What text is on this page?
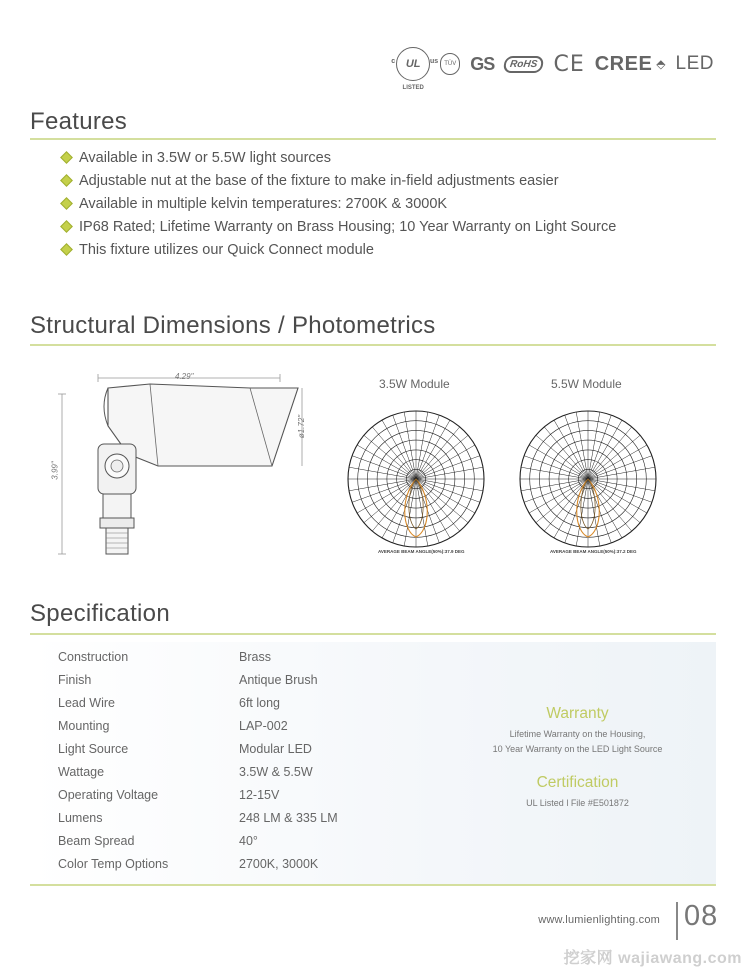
c UL us
LISTED
TÜV GS	RoHS CE CREE ⬘ LED
Features
Available in 3.5W or 5.5W light sources
Adjustable nut at the base of the fixture to make in-field adjustments easier
Available in multiple kelvin temperatures: 2700K & 3000K
IP68 Rated; Lifetime Warranty on Brass Housing; 10 Year Warranty on Light Source
This fixture utilizes our Quick Connect module
Structural Dimensions / Photometrics
4.29"
3.99"
ø1.72"
3.5W Module	5.5W Module
AVERAGE BEAM ANGLE(50%):37.9 DEG	AVERAGE BEAM ANGLE(50%):37.2 DEG
Specification
Construction	Brass
Finish	Antique Brush
Lead Wire	6ft long
Mounting	LAP-002
Light Source	Modular LED
Wattage	3.5W & 5.5W
Operating Voltage	12-15V
Lumens	248 LM & 335 LM
Beam Spread	40°
Color Temp Options	2700K, 3000K
Warranty
Lifetime Warranty on the Housing,
10 Year Warranty on the LED Light Source
Certification
UL Listed l File #E501872
www.lumienlighting.com 08
挖家网 wajiawang.com
